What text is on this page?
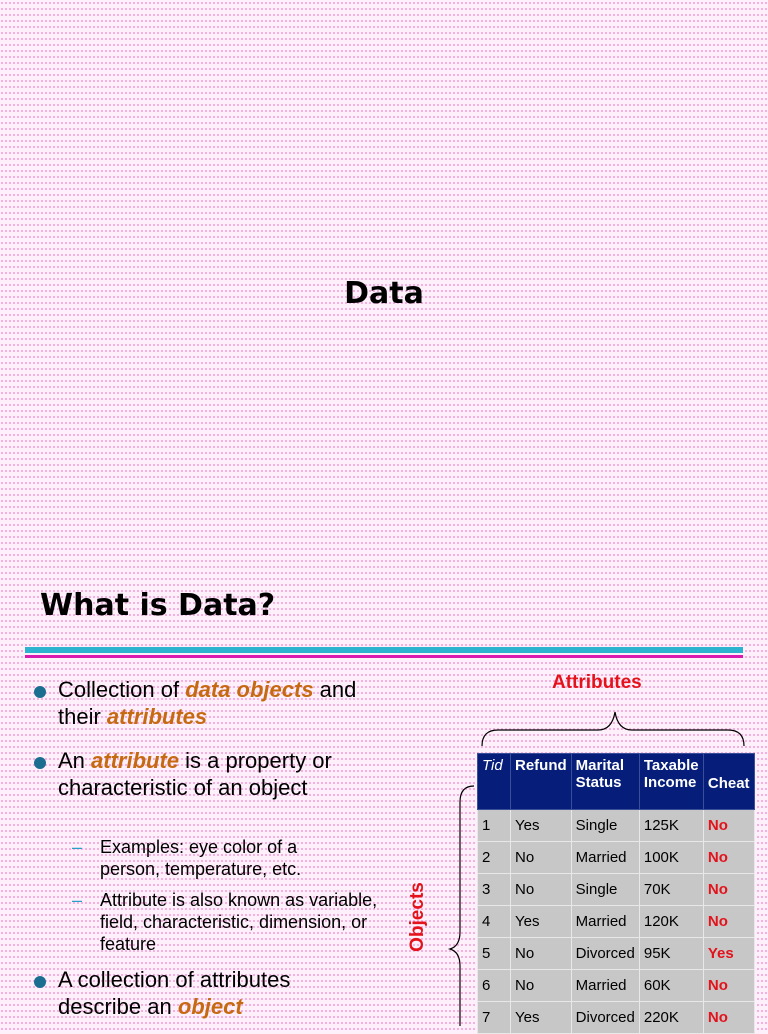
Data
What is Data?
Collection of data objects and their attributes
An attribute is a property or characteristic of an object
– Examples: eye color of a person, temperature, etc.
– Attribute is also known as variable, field, characteristic, dimension, or feature
A collection of attributes describe an object
Attributes
Objects
Tid	Refund	Marital Status	Taxable Income	Cheat
1	Yes	Single	125K	No
2	No	Married	100K	No
3	No	Single	70K	No
4	Yes	Married	120K	No
5	No	Divorced	95K	Yes
6	No	Married	60K	No
7	Yes	Divorced	220K	No
